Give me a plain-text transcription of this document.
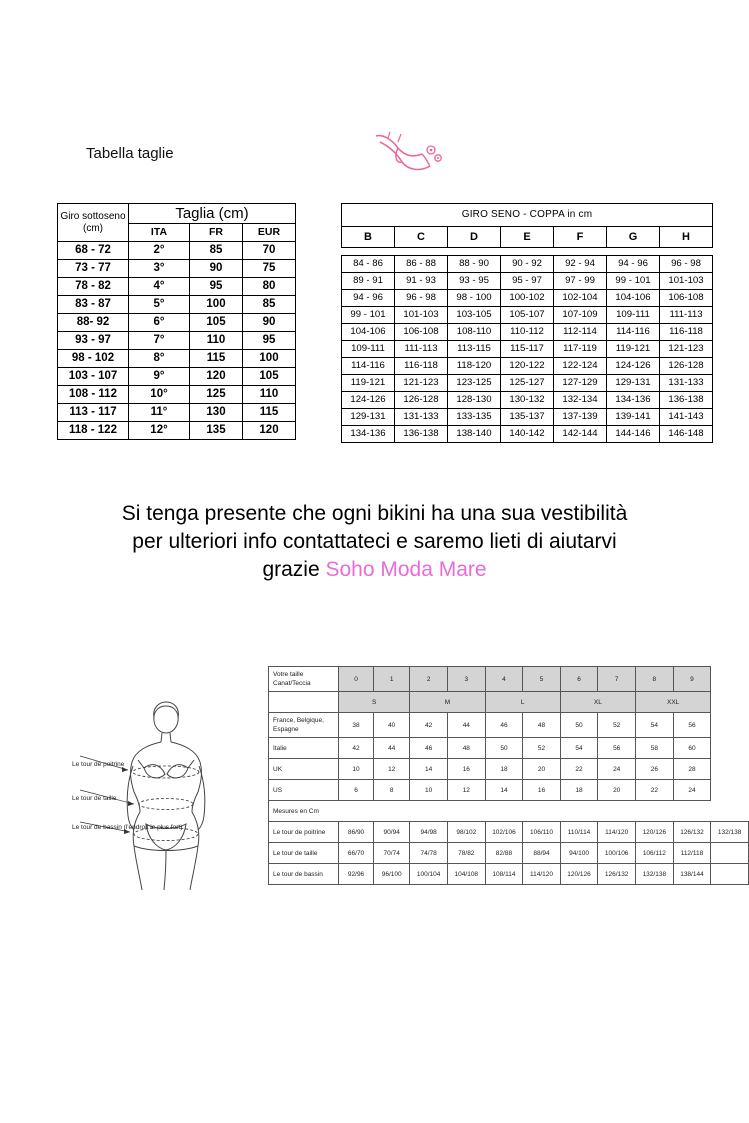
Tabella taglie
Giro sottoseno (cm)	Taglia (cm)		
	ITA	FR	EUR
68 - 72	2°	85	70
73 - 77	3°	90	75
78 - 82	4°	95	80
83 - 87	5°	100	85
88- 92	6°	105	90
93 - 97	7°	110	95
98 - 102	8°	115	100
103 - 107	9°	120	105
108 - 112	10°	125	110
113 - 117	11°	130	115
118 - 122	12°	135	120
GIRO SENO - COPPA in cm						
B	C	D	E	F	G	H

84 - 86	86 - 88	88 - 90	90 - 92	92 - 94	94 - 96	96 - 98
89 - 91	91 - 93	93 - 95	95 - 97	97 - 99	99 - 101	101-103
94 - 96	96 - 98	98 - 100	100-102	102-104	104-106	106-108
99 - 101	101-103	103-105	105-107	107-109	109-111	111-113
104-106	106-108	108-110	110-112	112-114	114-116	116-118
109-111	111-113	113-115	115-117	117-119	119-121	121-123
114-116	116-118	118-120	120-122	122-124	124-126	126-128
119-121	121-123	123-125	125-127	127-129	129-131	131-133
124-126	126-128	128-130	130-132	132-134	134-136	136-138
129-131	131-133	133-135	135-137	137-139	139-141	141-143
134-136	136-138	138-140	140-142	142-144	144-146	146-148
Si tenga presente che ogni bikini ha una sua vestibilità
per ulteriori info contattateci e saremo lieti di aiutarvi
grazie Soho Moda Mare
Le tour de poitrine
Le tour de taille
Le tour de bassin (l'endroit le plus fort)
Votre taille Canat/Teccia	0	1	2	3	4	5	6	7	8	9	
	S		M		L		XL		XXL		
France, Belgique, Espagne	38	40	42	44	46	48	50	52	54	56	
Italie	42	44	46	48	50	52	54	56	58	60	
UK	10	12	14	16	18	20	22	24	26	28	
US	6	8	10	12	14	16	18	20	22	24	
Mesures en Cm											
Le tour de poitrine	86/90	90/94	94/98	98/102	102/106	106/110	110/114	114/120	120/126	126/132	132/138
Le tour de taille	66/70	70/74	74/78	78/82	82/88	88/94	94/100	100/106	106/112	112/118	
Le tour de bassin	92/96	96/100	100/104	104/108	108/114	114/120	120/126	126/132	132/138	138/144	
